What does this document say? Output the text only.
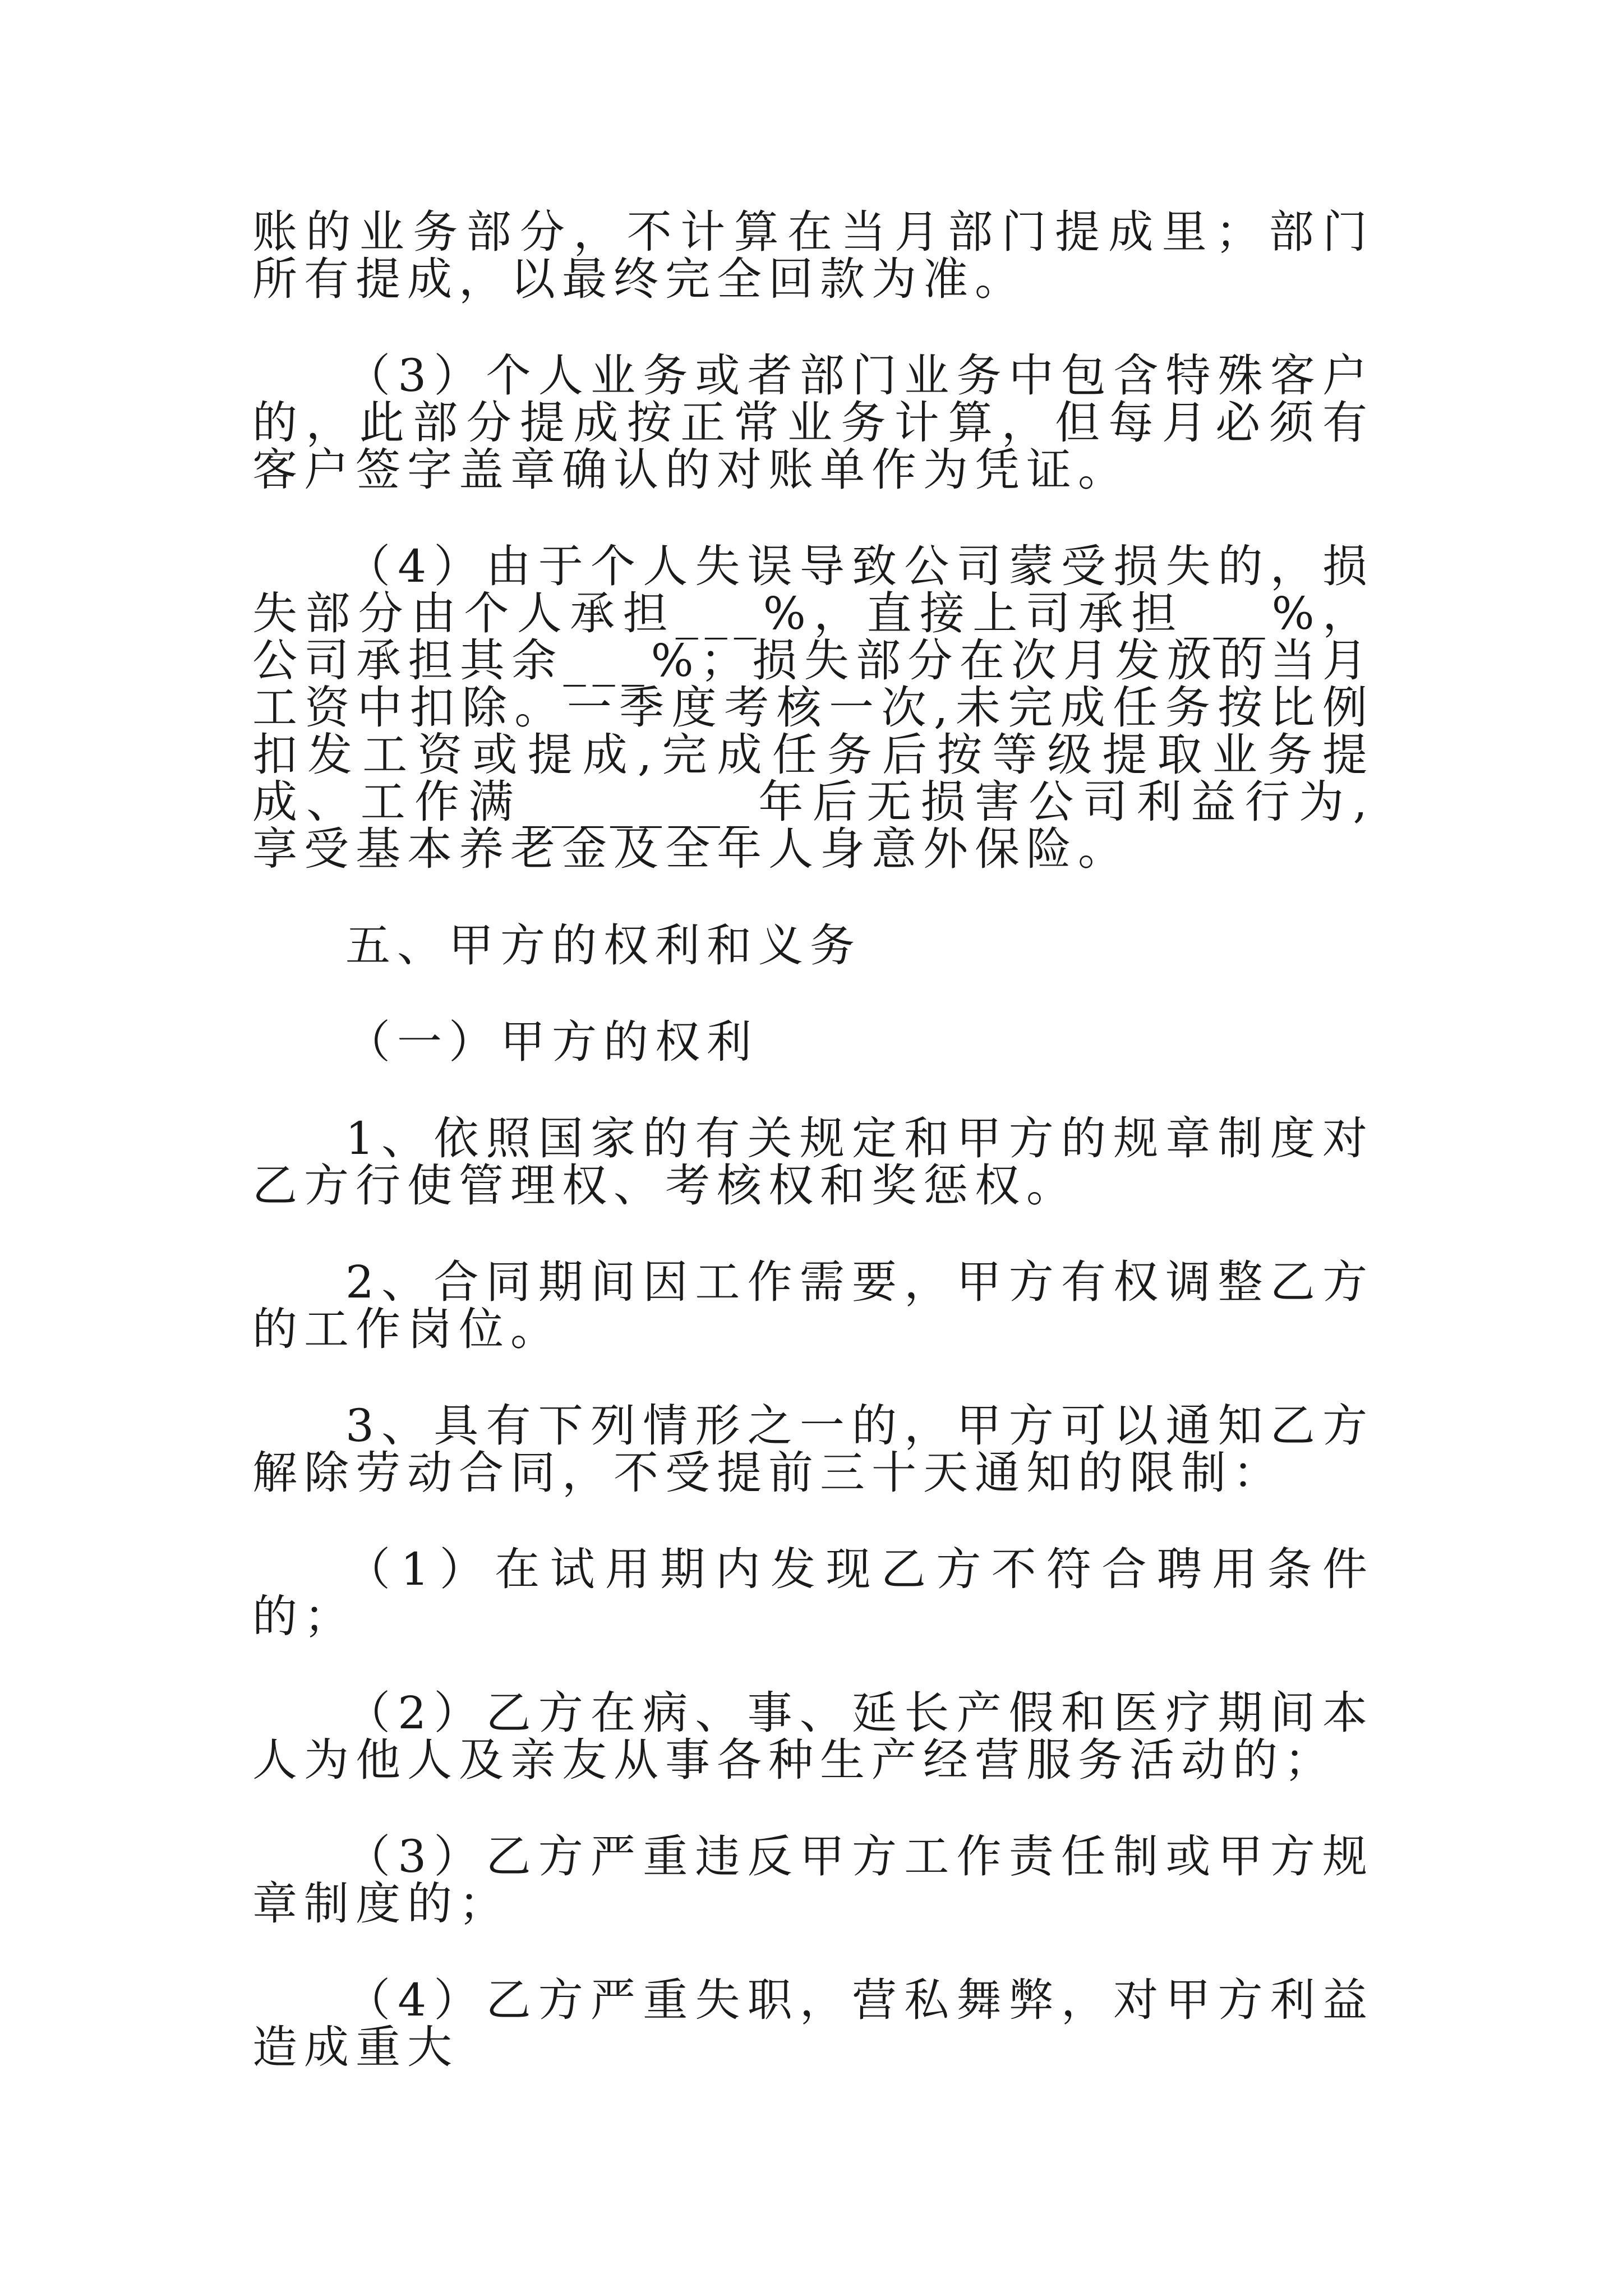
账的业务部分，不计算在当月部门提成里；部门所有提成，以最终完全回款为准。

（3）个人业务或者部门业务中包含特殊客户的，此部分提成按正常业务计算，但每月必须有客户签字盖章确认的对账单作为凭证。

（4）由于个人失误导致公司蒙受损失的，损失部分由个人承担___%，直接上司承担___%，公司承担其余___%；损失部分在次月发放的当月工资中扣除。一季度考核一次,未完成任务按比例扣发工资或提成,完成任务后按等级提取业务提成、工作满________年后无损害公司利益行为,享受基本养老金及全年人身意外保险。

五、甲方的权利和义务

（一）甲方的权利

1、依照国家的有关规定和甲方的规章制度对乙方行使管理权、考核权和奖惩权。

2、合同期间因工作需要，甲方有权调整乙方的工作岗位。

3、具有下列情形之一的，甲方可以通知乙方解除劳动合同，不受提前三十天通知的限制：

（1）在试用期内发现乙方不符合聘用条件的；

（2）乙方在病、事、延长产假和医疗期间本人为他人及亲友从事各种生产经营服务活动的；

（3）乙方严重违反甲方工作责任制或甲方规章制度的；

（4）乙方严重失职，营私舞弊，对甲方利益造成重大
